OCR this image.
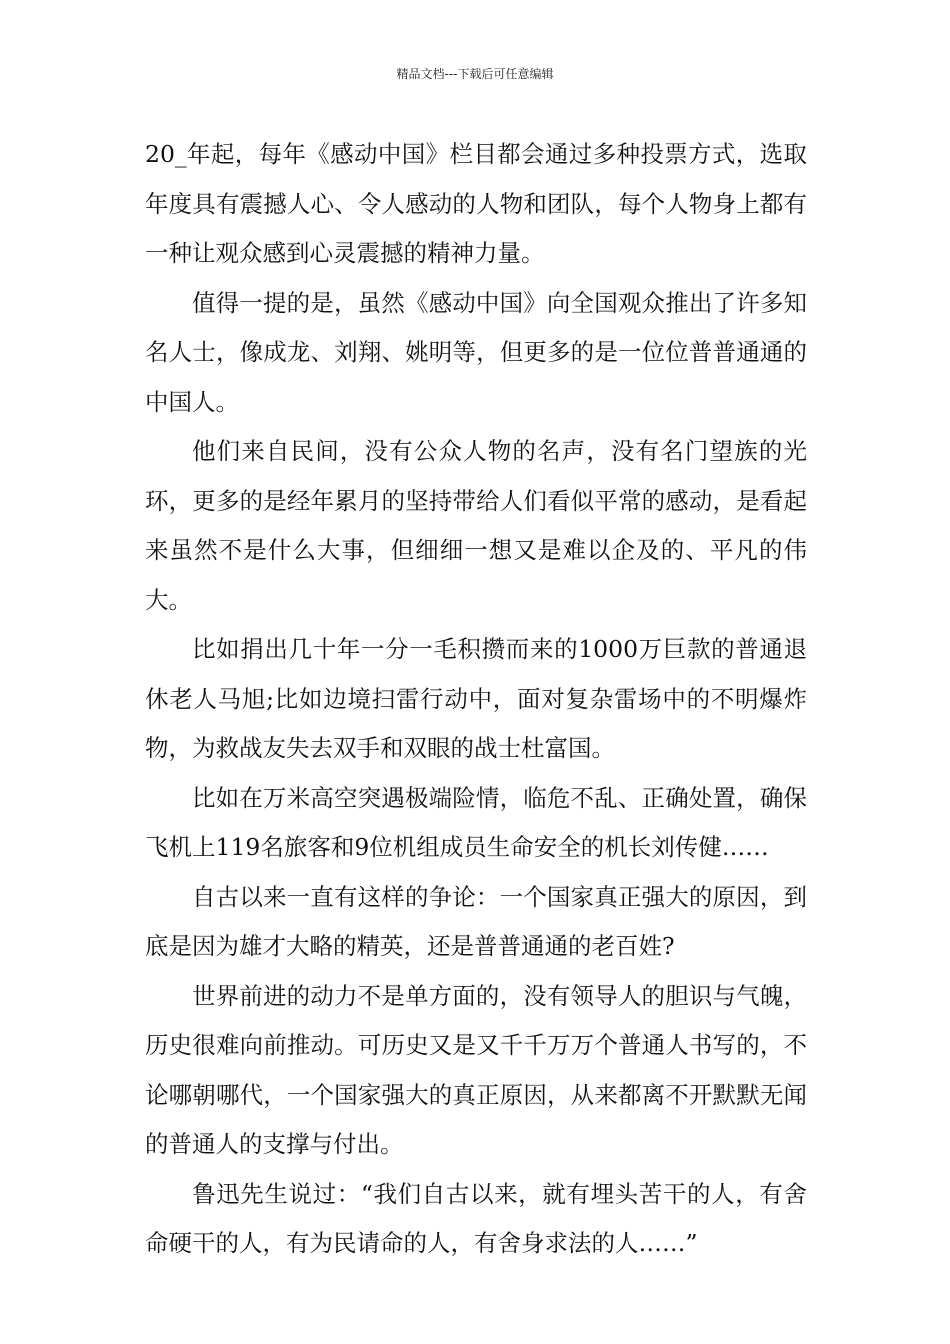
精品文档---下载后可任意编辑

20_年起，每年《感动中国》栏目都会通过多种投票方式，选取年度具有震撼人心、令人感动的人物和团队，每个人物身上都有一种让观众感到心灵震撼的精神力量。

值得一提的是，虽然《感动中国》向全国观众推出了许多知名人士，像成龙、刘翔、姚明等，但更多的是一位位普普通通的中国人。

他们来自民间，没有公众人物的名声，没有名门望族的光环，更多的是经年累月的坚持带给人们看似平常的感动，是看起来虽然不是什么大事，但细细一想又是难以企及的、平凡的伟大。

比如捐出几十年一分一毛积攒而来的1000万巨款的普通退休老人马旭;比如边境扫雷行动中，面对复杂雷场中的不明爆炸物，为救战友失去双手和双眼的战士杜富国。

比如在万米高空突遇极端险情，临危不乱、正确处置，确保飞机上119名旅客和9位机组成员生命安全的机长刘传健……

自古以来一直有这样的争论：一个国家真正强大的原因，到底是因为雄才大略的精英，还是普普通通的老百姓?

世界前进的动力不是单方面的，没有领导人的胆识与气魄，历史很难向前推动。可历史又是又千千万万个普通人书写的，不论哪朝哪代，一个国家强大的真正原因，从来都离不开默默无闻的普通人的支撑与付出。

鲁迅先生说过：“我们自古以来，就有埋头苦干的人，有舍命硬干的人，有为民请命的人，有舍身求法的人……”
